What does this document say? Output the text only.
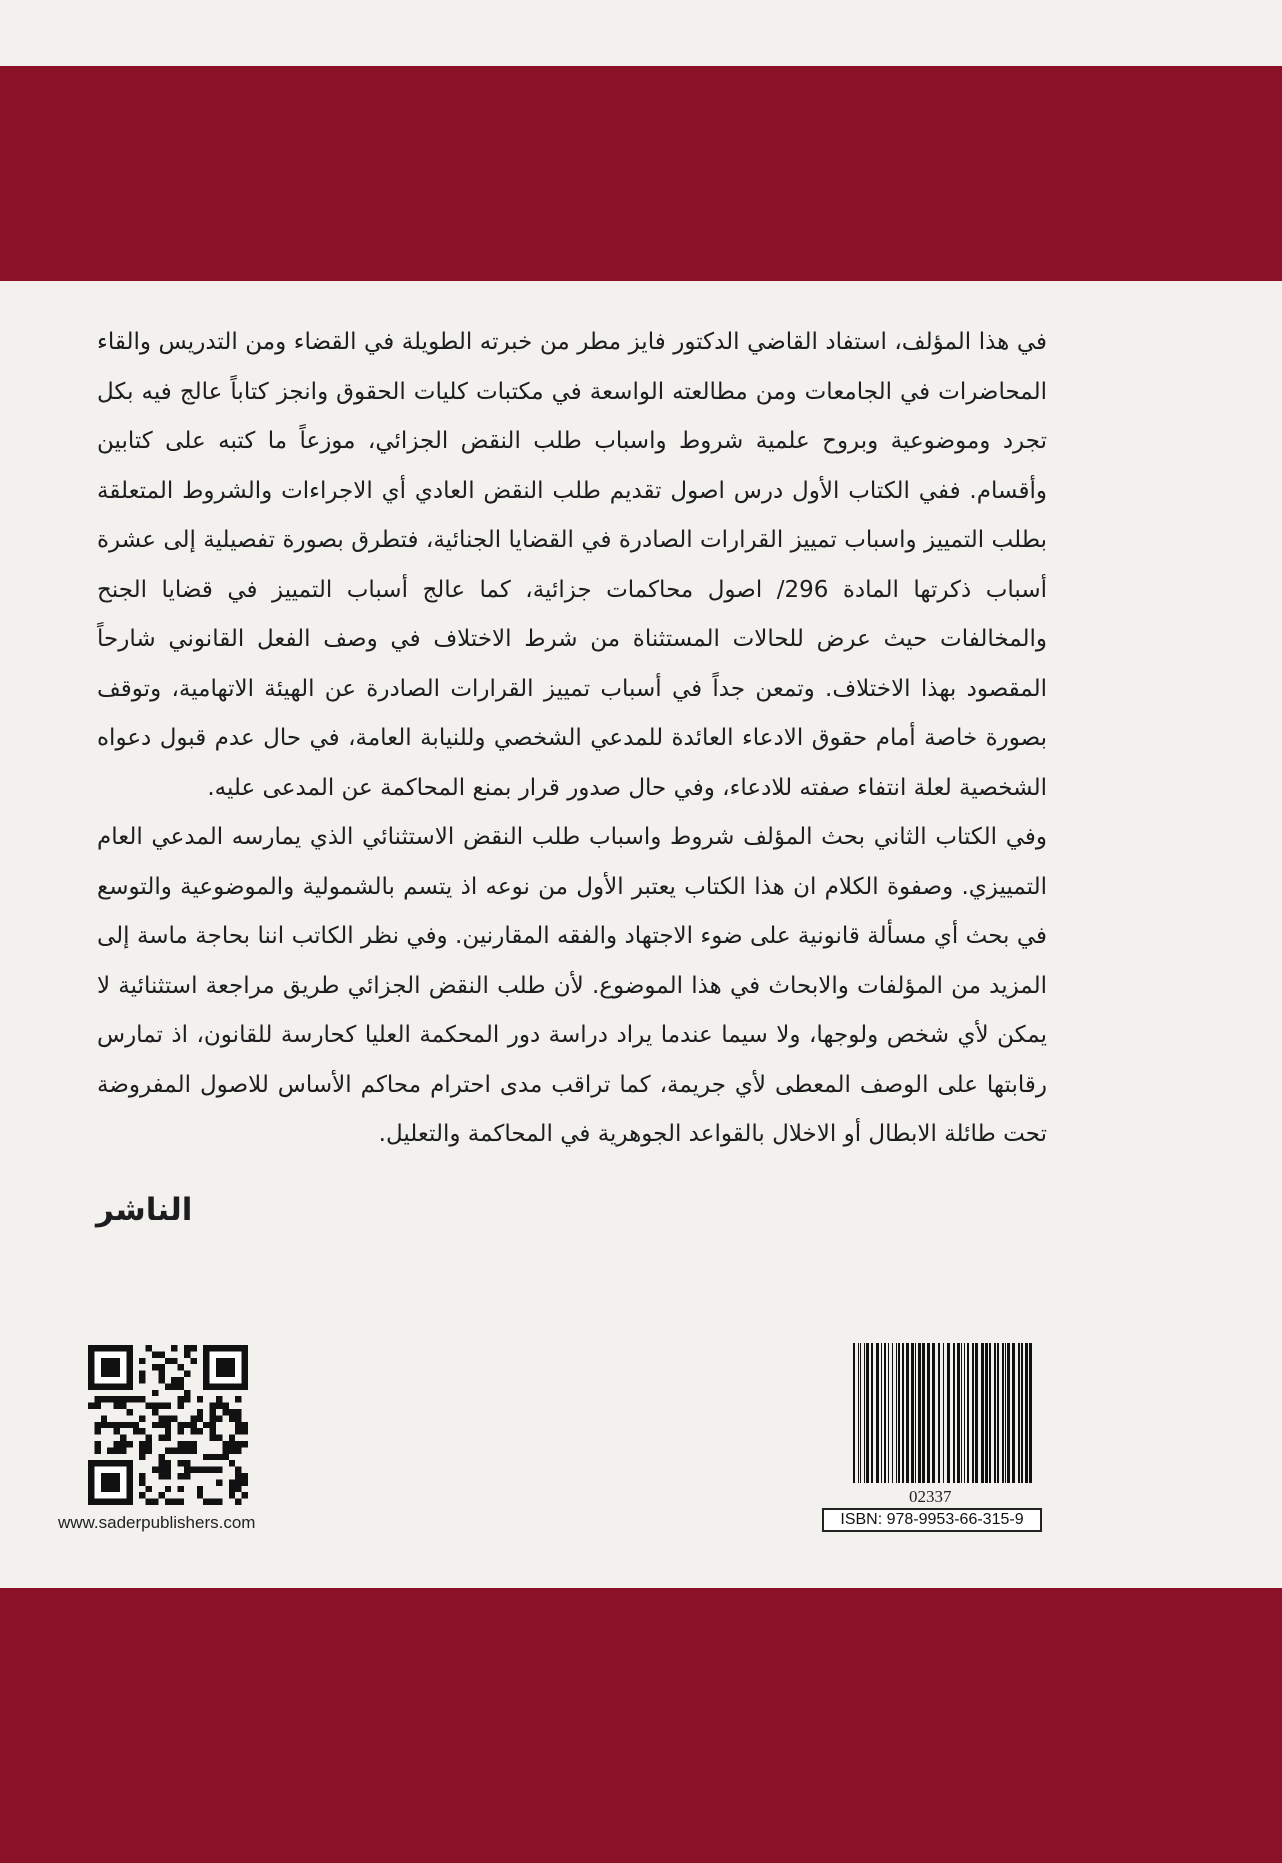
في هذا المؤلف، استفاد القاضي الدكتور فايز مطر من خبرته الطويلة في القضاء ومن التدريس والقاء المحاضرات في الجامعات ومن مطالعته الواسعة في مكتبات كليات الحقوق وانجز كتاباً عالج فيه بكل تجرد وموضوعية وبروح علمية شروط واسباب طلب النقض الجزائي، موزعاً ما كتبه على كتابين وأقسام. ففي الكتاب الأول درس اصول تقديم طلب النقض العادي أي الاجراءات والشروط المتعلقة بطلب التمييز واسباب تمييز القرارات الصادرة في القضايا الجنائية، فتطرق بصورة تفصيلية إلى عشرة أسباب ذكرتها المادة 296/ اصول محاكمات جزائية، كما عالج أسباب التمييز في قضايا الجنح والمخالفات حيث عرض للحالات المستثناة من شرط الاختلاف في وصف الفعل القانوني شارحاً المقصود بهذا الاختلاف. وتمعن جداً في أسباب تمييز القرارات الصادرة عن الهيئة الاتهامية، وتوقف بصورة خاصة أمام حقوق الادعاء العائدة للمدعي الشخصي وللنيابة العامة، في حال عدم قبول دعواه الشخصية لعلة انتفاء صفته للادعاء، وفي حال صدور قرار بمنع المحاكمة عن المدعى عليه.

وفي الكتاب الثاني بحث المؤلف شروط واسباب طلب النقض الاستثنائي الذي يمارسه المدعي العام التمييزي. وصفوة الكلام ان هذا الكتاب يعتبر الأول من نوعه اذ يتسم بالشمولية والموضوعية والتوسع في بحث أي مسألة قانونية على ضوء الاجتهاد والفقه المقارنين. وفي نظر الكاتب اننا بحاجة ماسة إلى المزيد من المؤلفات والابحاث في هذا الموضوع. لأن طلب النقض الجزائي طريق مراجعة استثنائية لا يمكن لأي شخص ولوجها، ولا سيما عندما يراد دراسة دور المحكمة العليا كحارسة للقانون، اذ تمارس رقابتها على الوصف المعطى لأي جريمة، كما تراقب مدى احترام محاكم الأساس للاصول المفروضة تحت طائلة الابطال أو الاخلال بالقواعد الجوهرية في المحاكمة والتعليل.

الناشر
www.saderpublishers.com
02337
ISBN: 978-9953-66-315-9
